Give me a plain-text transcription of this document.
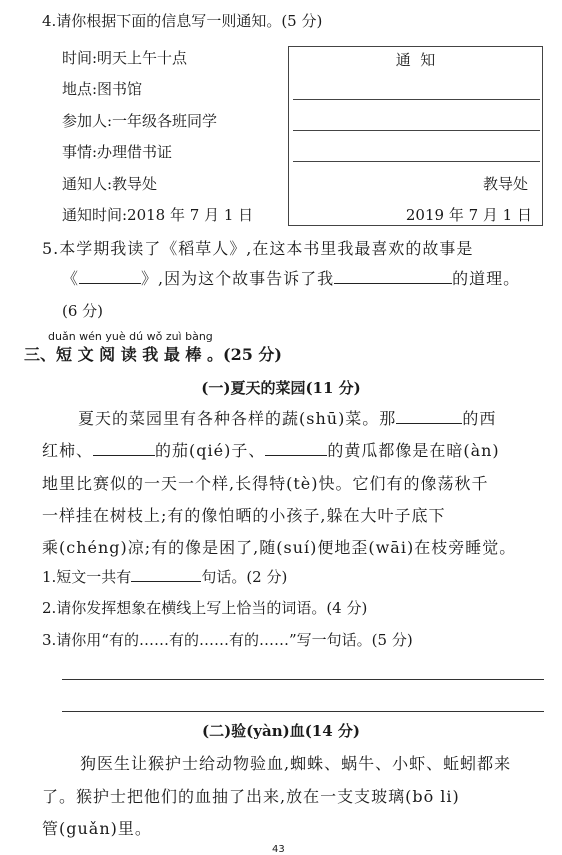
4.请你根据下面的信息写一则通知。(5 分)
时间:明天上午十点
地点:图书馆
参加人:一年级各班同学
事情:办理借书证
通知人:教导处
通知时间:2018 年 7 月 1 日
通  知
教导处
2019 年 7 月 1 日
5.本学期我读了《稻草人》,在这本书里我最喜欢的故事是
《	》,因为这个故事告诉了我	的道理。
(6 分)
duǎn wén yuè dú wǒ zuì bàng
三、短 文 阅 读 我 最 棒 。(25 分)
(一)夏天的菜园(11 分)
夏天的菜园里有各种各样的蔬(shū)菜。那	的西
红柿、	的茄(qié)子、	的黄瓜都像是在暗(àn)
地里比赛似的一天一个样,长得特(tè)快。它们有的像荡秋千
一样挂在树枝上;有的像怕晒的小孩子,躲在大叶子底下
乘(chéng)凉;有的像是困了,随(suí)便地歪(wāi)在枝旁睡觉。
1.短文一共有	句话。(2 分)
2.请你发挥想象在横线上写上恰当的词语。(4 分)
3.请你用“有的……有的……有的……”写一句话。(5 分)
(二)验(yàn)血(14 分)
狗医生让猴护士给动物验血,蜘蛛、蜗牛、小虾、蚯蚓都来
了。猴护士把他们的血抽了出来,放在一支支玻璃(bō li)
管(guǎn)里。
43
